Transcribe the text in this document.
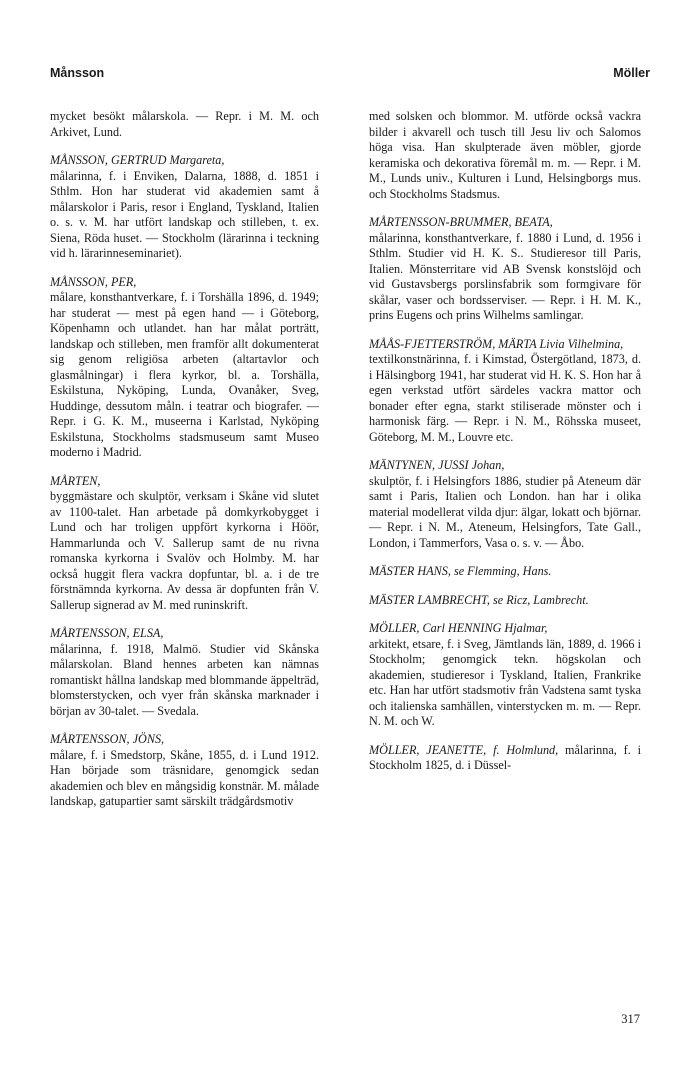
Månsson	Möller

mycket besökt målarskola. — Repr. i M. M. och Arkivet, Lund.

MÅNSSON, GERTRUD Margareta,
målarinna, f. i Enviken, Dalarna, 1888, d. 1851 i Sthlm. Hon har studerat vid akademien samt å målarskolor i Paris, resor i England, Tyskland, Italien o. s. v. M. har utfört landskap och stilleben, t. ex. Siena, Röda huset. — Stockholm (lärarinna i teckning vid h. lärarinneseminariet).

MÅNSSON, PER,
målare, konsthantverkare, f. i Torshälla 1896, d. 1949; har studerat — mest på egen hand — i Göteborg, Köpenhamn och utlandet. han har målat porträtt, landskap och stilleben, men framför allt dokumenterat sig genom religiösa arbeten (altartavlor och glasmålningar) i flera kyrkor, bl. a. Torshälla, Eskilstuna, Nyköping, Lunda, Ovanåker, Sveg, Huddinge, dessutom måln. i teatrar och biografer. — Repr. i G. K. M., museerna i Karlstad, Nyköping Eskilstuna, Stockholms stadsmuseum samt Museo moderno i Madrid.

MÅRTEN,
byggmästare och skulptör, verksam i Skåne vid slutet av 1100-talet. Han arbetade på domkyrkobygget i Lund och har troligen uppfört kyrkorna i Höör, Hammarlunda och V. Sallerup samt de nu rivna romanska kyrkorna i Svalöv och Holmby. M. har också huggit flera vackra dopfuntar, bl. a. i de tre förstnämnda kyrkorna. Av dessa är dopfunten från V. Sallerup signerad av M. med runinskrift.

MÅRTENSSON, ELSA,
målarinna, f. 1918, Malmö. Studier vid Skånska målarskolan. Bland hennes arbeten kan nämnas romantiskt hållna landskap med blommande äppelträd, blomsterstycken, och vyer från skånska marknader i början av 30-talet. — Svedala.

MÅRTENSSON, JÖNS,
målare, f. i Smedstorp, Skåne, 1855, d. i Lund 1912. Han började som träsnidare, genomgick sedan akademien och blev en mångsidig konstnär. M. målade landskap, gatupartier samt särskilt trädgårdsmotiv

med solsken och blommor. M. utförde också vackra bilder i akvarell och tusch till Jesu liv och Salomos höga visa. Han skulpterade även möbler, gjorde keramiska och dekorativa föremål m. m. — Repr. i M. M., Lunds univ., Kulturen i Lund, Helsingborgs mus. och Stockholms Stadsmus.

MÅRTENSSON-BRUMMER, BEATA,
målarinna, konsthantverkare, f. 1880 i Lund, d. 1956 i Sthlm. Studier vid H. K. S.. Studieresor till Paris, Italien. Mönsterritare vid AB Svensk konstslöjd och vid Gustavsbergs porslinsfabrik som formgivare för skålar, vaser och bordsserviser. — Repr. i H. M. K., prins Eugens och prins Wilhelms samlingar.

MÅÅS-FJETTERSTRÖM, MÄRTA Livia Vilhelmina,
textilkonstnärinna, f. i Kimstad, Östergötland, 1873, d. i Hälsingborg 1941, har studerat vid H. K. S. Hon har å egen verkstad utfört särdeles vackra mattor och bonader efter egna, starkt stiliserade mönster och i harmonisk färg. — Repr. i N. M., Röhsska museet, Göteborg, M. M., Louvre etc.

MÄNTYNEN, JUSSI Johan,
skulptör, f. i Helsingfors 1886, studier på Ateneum där samt i Paris, Italien och London. han har i olika material modellerat vilda djur: älgar, lokatt och björnar. — Repr. i N. M., Ateneum, Helsingfors, Tate Gall., London, i Tammerfors, Vasa o. s. v. — Åbo.

MÄSTER HANS, se Flemming, Hans.

MÄSTER LAMBRECHT, se Ricz, Lambrecht.

MÖLLER, Carl HENNING Hjalmar,
arkitekt, etsare, f. i Sveg, Jämtlands län, 1889, d. 1966 i Stockholm; genomgick tekn. högskolan och akademien, studieresor i Tyskland, Italien, Frankrike etc. Han har utfört stadsmotiv från Vadstena samt tyska och italienska samhällen, vinterstycken m. m. — Repr. N. M. och W.

MÖLLER, JEANETTE, f. Holmlund, målarinna, f. i Stockholm 1825, d. i Düssel-

317
